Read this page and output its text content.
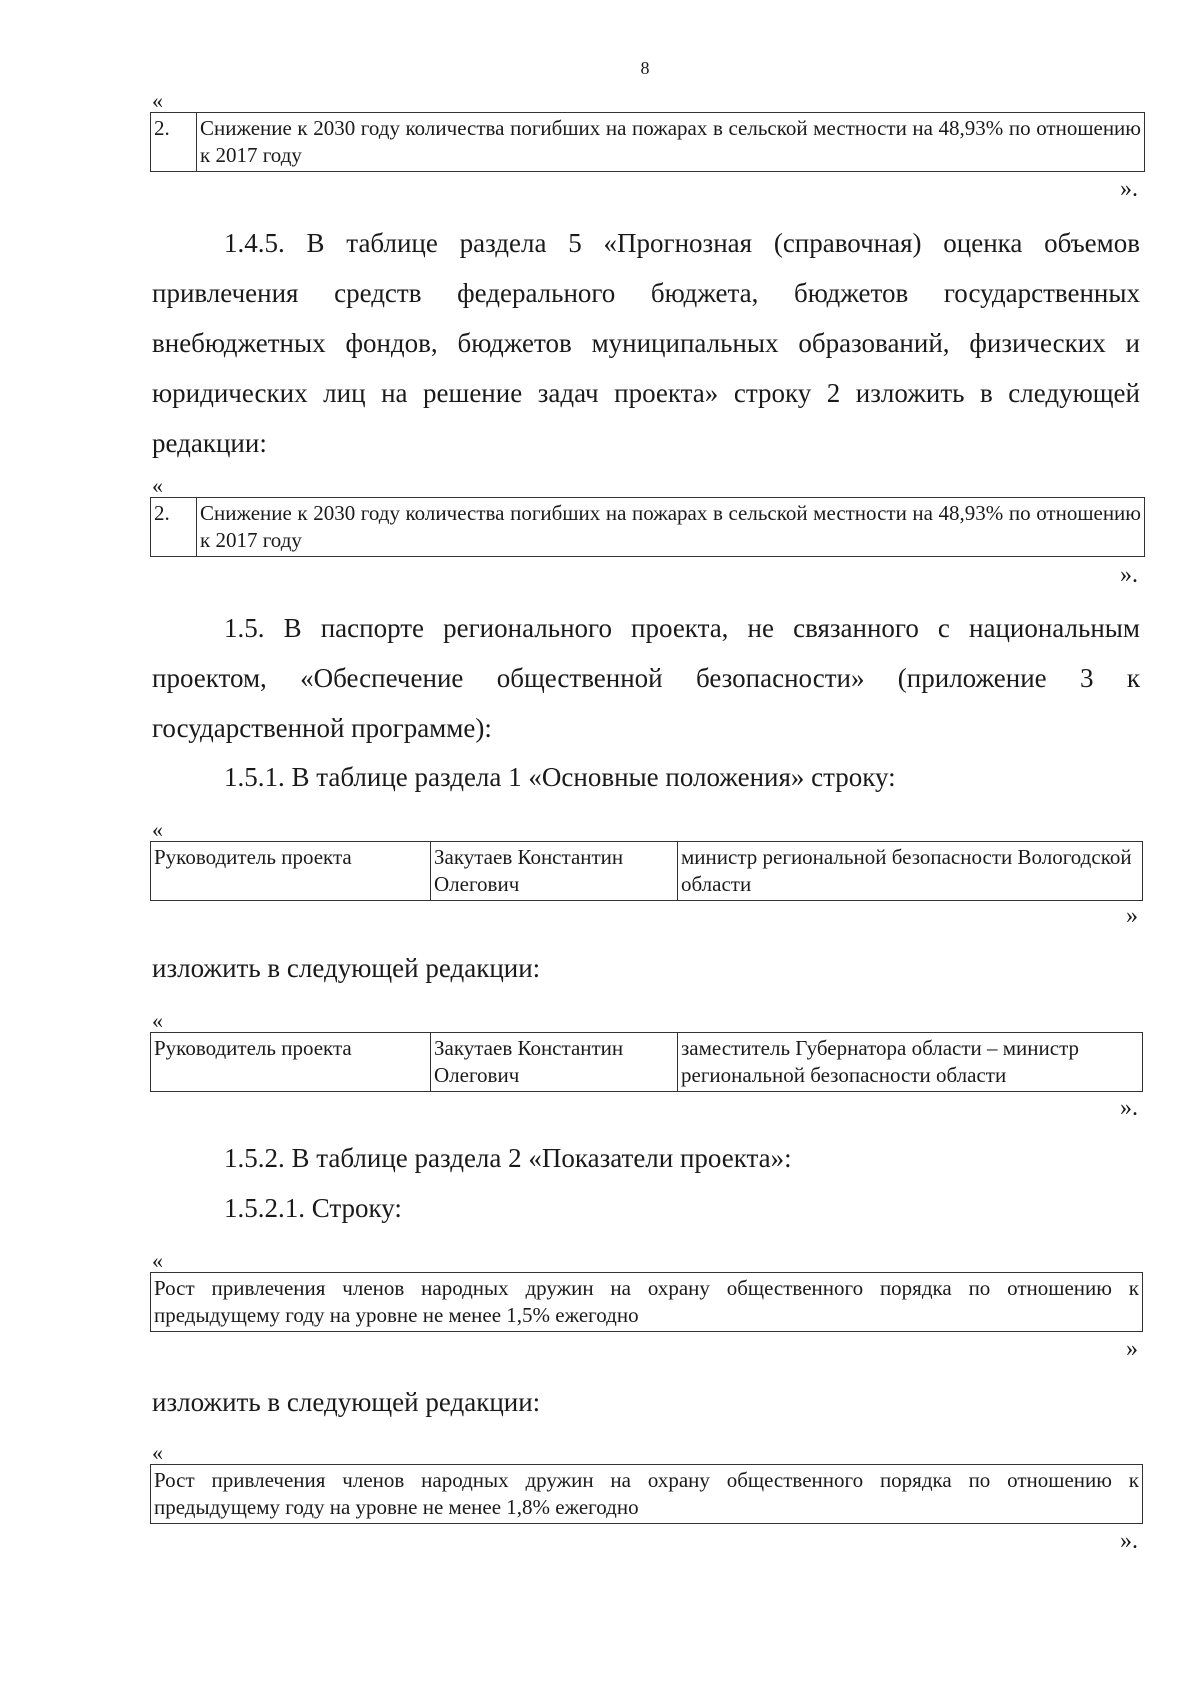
8
«
2.	Снижение к 2030 году количества погибших на пожарах в сельской местности на 48,93% по отношению к 2017 году
».
1.4.5. В таблице раздела 5 «Прогнозная (справочная) оценка объемов привлечения средств федерального бюджета, бюджетов государственных внебюджетных фондов, бюджетов муниципальных образований, физических и юридических лиц на решение задач проекта» строку 2 изложить в следующей редакции:
«
2.	Снижение к 2030 году количества погибших на пожарах в сельской местности на 48,93% по отношению к 2017 году
».
1.5. В паспорте регионального проекта, не связанного с национальным проектом, «Обеспечение общественной безопасности» (приложение 3 к государственной программе):
1.5.1. В таблице раздела 1 «Основные положения» строку:
«
Руководитель проекта	Закутаев Константин Олегович	министр региональной безопасности Вологодской области
»
изложить в следующей редакции:
«
Руководитель проекта	Закутаев Константин Олегович	заместитель Губернатора области – министр региональной безопасности области
».
1.5.2. В таблице раздела 2 «Показатели проекта»:
1.5.2.1. Строку:
«
Рост привлечения членов народных дружин на охрану общественного порядка по отношению к предыдущему году на уровне не менее 1,5% ежегодно
»
изложить в следующей редакции:
«
Рост привлечения членов народных дружин на охрану общественного порядка по отношению к предыдущему году на уровне не менее 1,8% ежегодно
».
